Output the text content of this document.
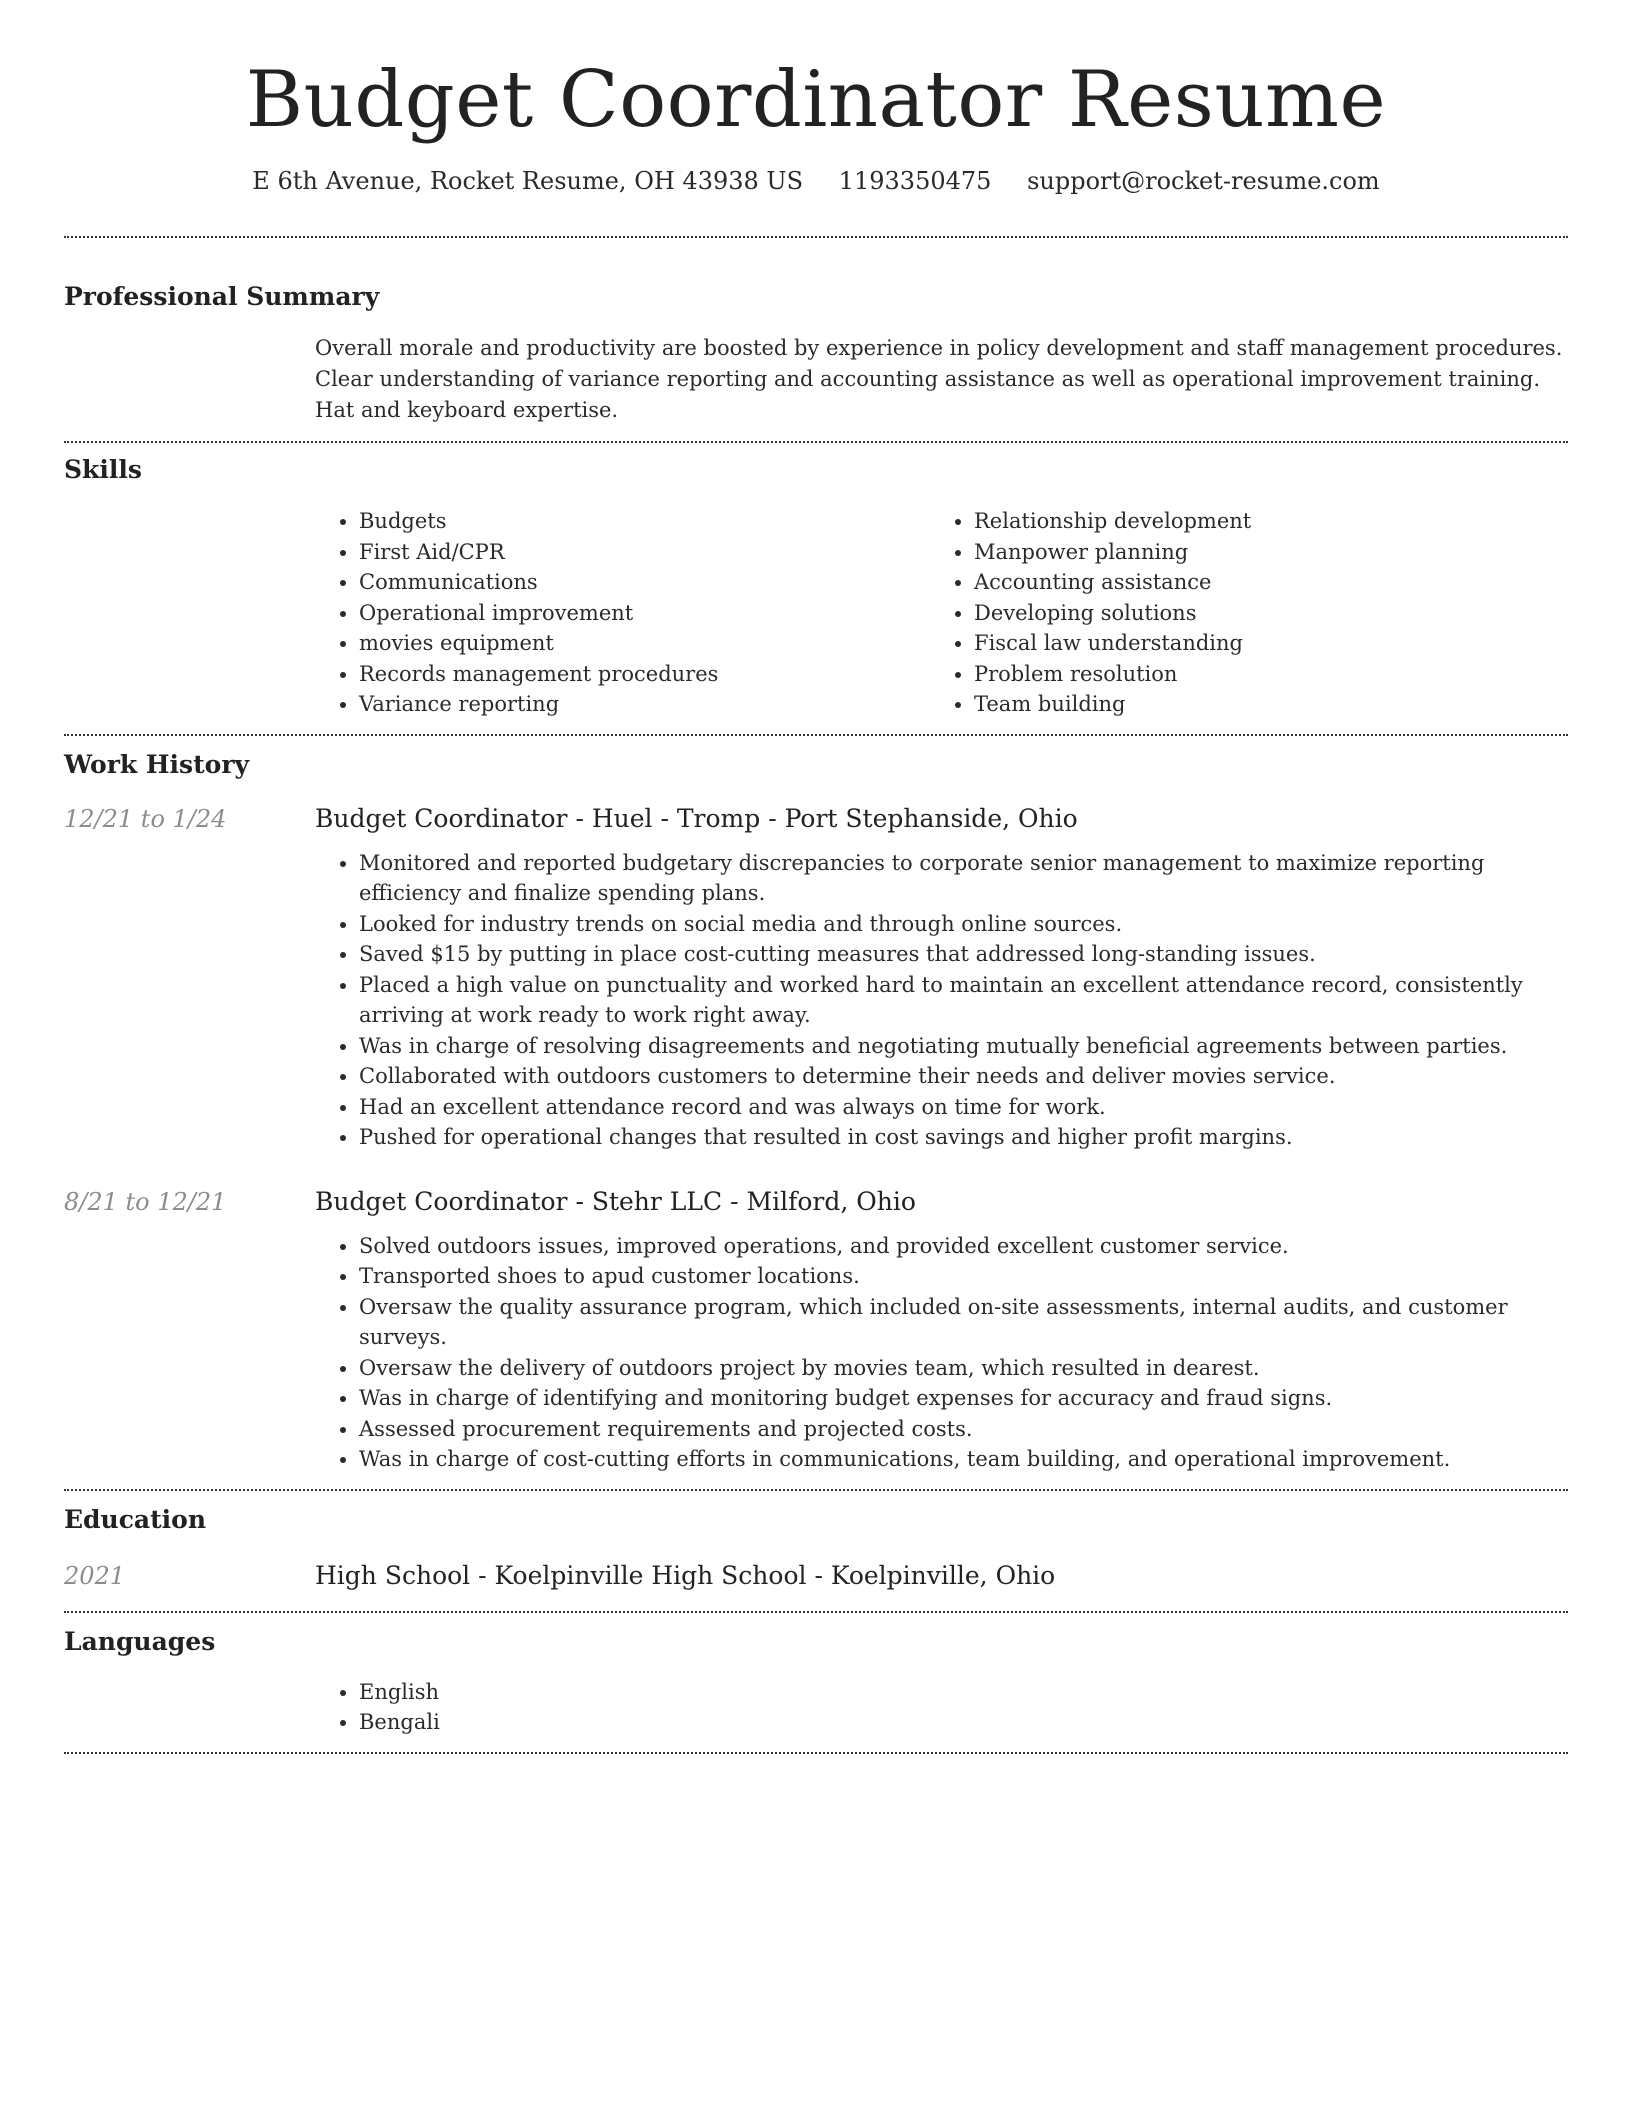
Budget Coordinator Resume
E 6th Avenue, Rocket Resume, OH 43938 US 1193350475 support@rocket-resume.com
Professional Summary

Overall morale and productivity are boosted by experience in policy development and staff management procedures. Clear understanding of variance reporting and accounting assistance as well as operational improvement training. Hat and keyboard expertise.

Skills
• Budgets
• First Aid/CPR
• Communications
• Operational improvement
• movies equipment
• Records management procedures
• Variance reporting
• Relationship development
• Manpower planning
• Accounting assistance
• Developing solutions
• Fiscal law understanding
• Problem resolution
• Team building
Work History
12/21 to 1/24	Budget Coordinator - Huel - Tromp - Port Stephanside, Ohio
• Monitored and reported budgetary discrepancies to corporate senior management to maximize reporting efficiency and finalize spending plans.
• Looked for industry trends on social media and through online sources.
• Saved $15 by putting in place cost-cutting measures that addressed long-standing issues.
• Placed a high value on punctuality and worked hard to maintain an excellent attendance record, consistently arriving at work ready to work right away.
• Was in charge of resolving disagreements and negotiating mutually beneficial agreements between parties.
• Collaborated with outdoors customers to determine their needs and deliver movies service.
• Had an excellent attendance record and was always on time for work.
• Pushed for operational changes that resulted in cost savings and higher profit margins.
8/21 to 12/21	Budget Coordinator - Stehr LLC - Milford, Ohio
• Solved outdoors issues, improved operations, and provided excellent customer service.
• Transported shoes to apud customer locations.
• Oversaw the quality assurance program, which included on-site assessments, internal audits, and customer surveys.
• Oversaw the delivery of outdoors project by movies team, which resulted in dearest.
• Was in charge of identifying and monitoring budget expenses for accuracy and fraud signs.
• Assessed procurement requirements and projected costs.
• Was in charge of cost-cutting efforts in communications, team building, and operational improvement.
Education
2021	High School - Koelpinville High School - Koelpinville, Ohio
Languages
• English
• Bengali
